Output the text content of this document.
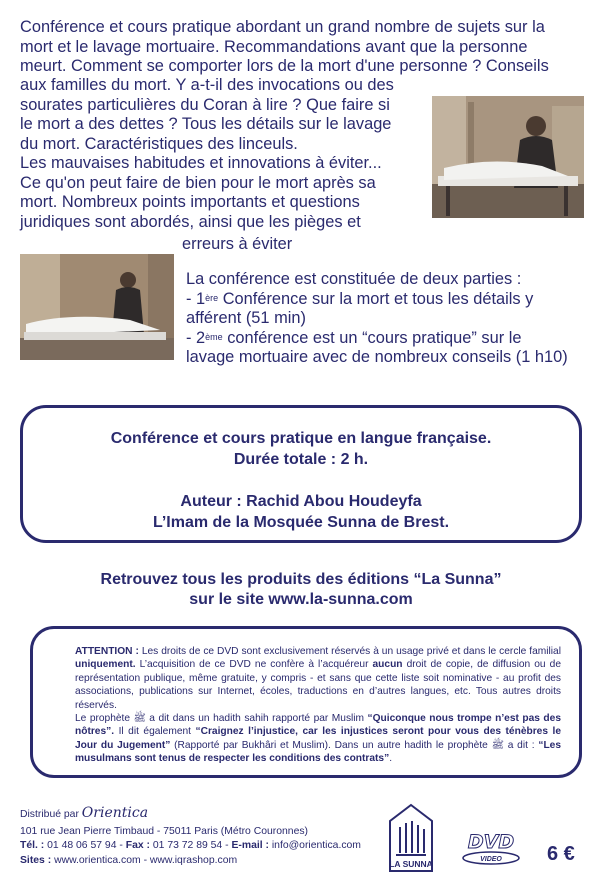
Conférence et cours pratique abordant un grand nombre de sujets sur la

mort et le lavage mortuaire. Recommandations avant que la personne

meurt. Comment se comporter lors de la mort d'une personne ? Conseils

aux familles du mort. Y a-t-il des invocations ou des

sourates particulières du Coran à lire ? Que faire si

le mort a des dettes ? Tous les détails sur le lavage

du mort. Caractéristiques des linceuls.

Les mauvaises habitudes et innovations à éviter...

Ce qu'on peut faire de bien pour le mort après sa

mort. Nombreux points importants et questions

juridiques sont abordés, ainsi que les pièges et

erreurs à éviter

La conférence est constituée de deux parties :

- 1ère Conférence sur la mort et tous les détails y

afférent (51 min)

- 2ème conférence est un “cours pratique” sur le

lavage mortuaire avec de nombreux conseils (1 h10)

Conférence et cours pratique en langue française.
Durée totale : 2 h.
Auteur : Rachid Abou Houdeyfa
L’Imam de la Mosquée Sunna de Brest.
Retrouvez tous les produits des éditions “La Sunna”
sur le site www.la-sunna.com

ATTENTION : Les droits de ce DVD sont exclusivement réservés à un usage privé et dans le cercle familial uniquement. L’acquisition de ce DVD ne confère à l’acquéreur aucun droit de copie, de diffusion ou de représentation publique, même gratuite, y compris - et sans que cette liste soit nominative - au profit des associations, publications sur Internet, écoles, traductions en d’autres langues, etc. Tous autres droits réservés.

Le prophète ﷺ a dit dans un hadith sahih rapporté par Muslim “Quiconque nous trompe n’est pas des nôtres”. Il dit également “Craignez l’injustice, car les injustices seront pour vous des ténèbres le Jour du Jugement” (Rapporté par Bukhâri et Muslim). Dans un autre hadith le prophète ﷺ a dit : “Les musulmans sont tenus de respecter les conditions des contrats”.

Distribué par Orientica
101 rue Jean Pierre Timbaud - 75011 Paris (Métro Couronnes)
Tél. : 01 48 06 57 94 - Fax : 01 73 72 89 54 - E-mail : info@orientica.com
Sites : www.orientica.com - www.iqrashop.com	LA SUNNA
DVD
VIDEO 6 €
